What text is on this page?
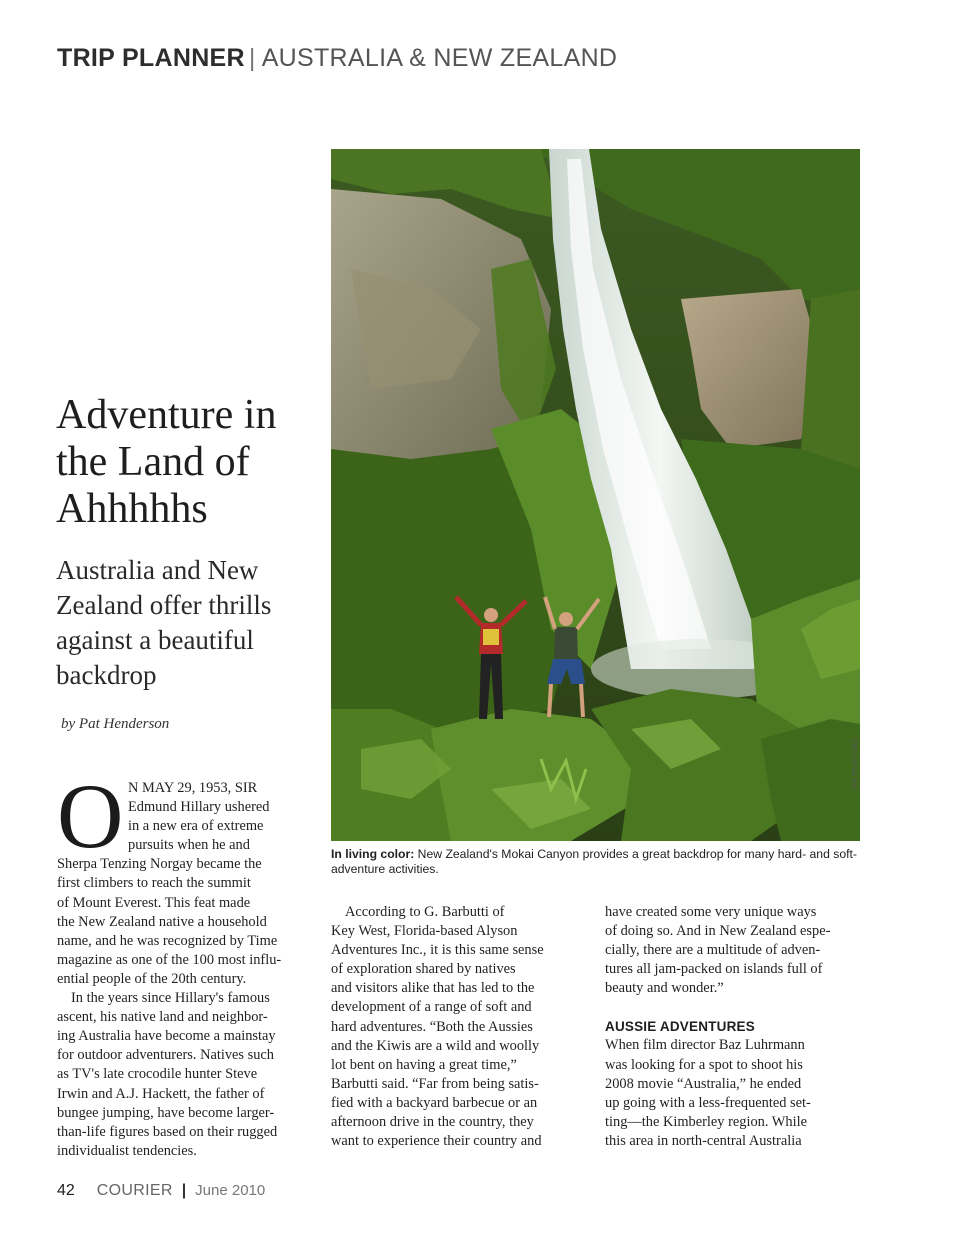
TRIP PLANNER | AUSTRALIA & NEW ZEALAND
Adventure in the Land of Ahhhhhs
Australia and New Zealand offer thrills against a beautiful backdrop
by Pat Henderson
IAN TRAFFORD

In living color: New Zealand's Mokai Canyon provides a great backdrop for many hard- and soft-adventure activities.

O N MAY 29, 1953, SIR
Edmund Hillary ushered
in a new era of extreme
pursuits when he and
Sherpa Tenzing Norgay became the
first climbers to reach the summit
of Mount Everest. This feat made
the New Zealand native a household
name, and he was recognized by Time
magazine as one of the 100 most influ-
ential people of the 20th century.
In the years since Hillary's famous
ascent, his native land and neighbor-
ing Australia have become a mainstay
for outdoor adventurers. Natives such
as TV's late crocodile hunter Steve
Irwin and A.J. Hackett, the father of
bungee jumping, have become larger-
than-life figures based on their rugged
individualist tendencies.
According to G. Barbutti of
Key West, Florida-based Alyson
Adventures Inc., it is this same sense
of exploration shared by natives
and visitors alike that has led to the
development of a range of soft and
hard adventures. “Both the Aussies
and the Kiwis are a wild and woolly
lot bent on having a great time,”
Barbutti said. “Far from being satis-
fied with a backyard barbecue or an
afternoon drive in the country, they
want to experience their country and
have created some very unique ways
of doing so. And in New Zealand espe-
cially, there are a multitude of adven-
tures all jam-packed on islands full of
beauty and wonder.”
AUSSIE ADVENTURES
When film director Baz Luhrmann
was looking for a spot to shoot his
2008 movie “Australia,” he ended
up going with a less-frequented set-
ting—the Kimberley region. While
this area in north-central Australia
42 COURIER | June 2010
